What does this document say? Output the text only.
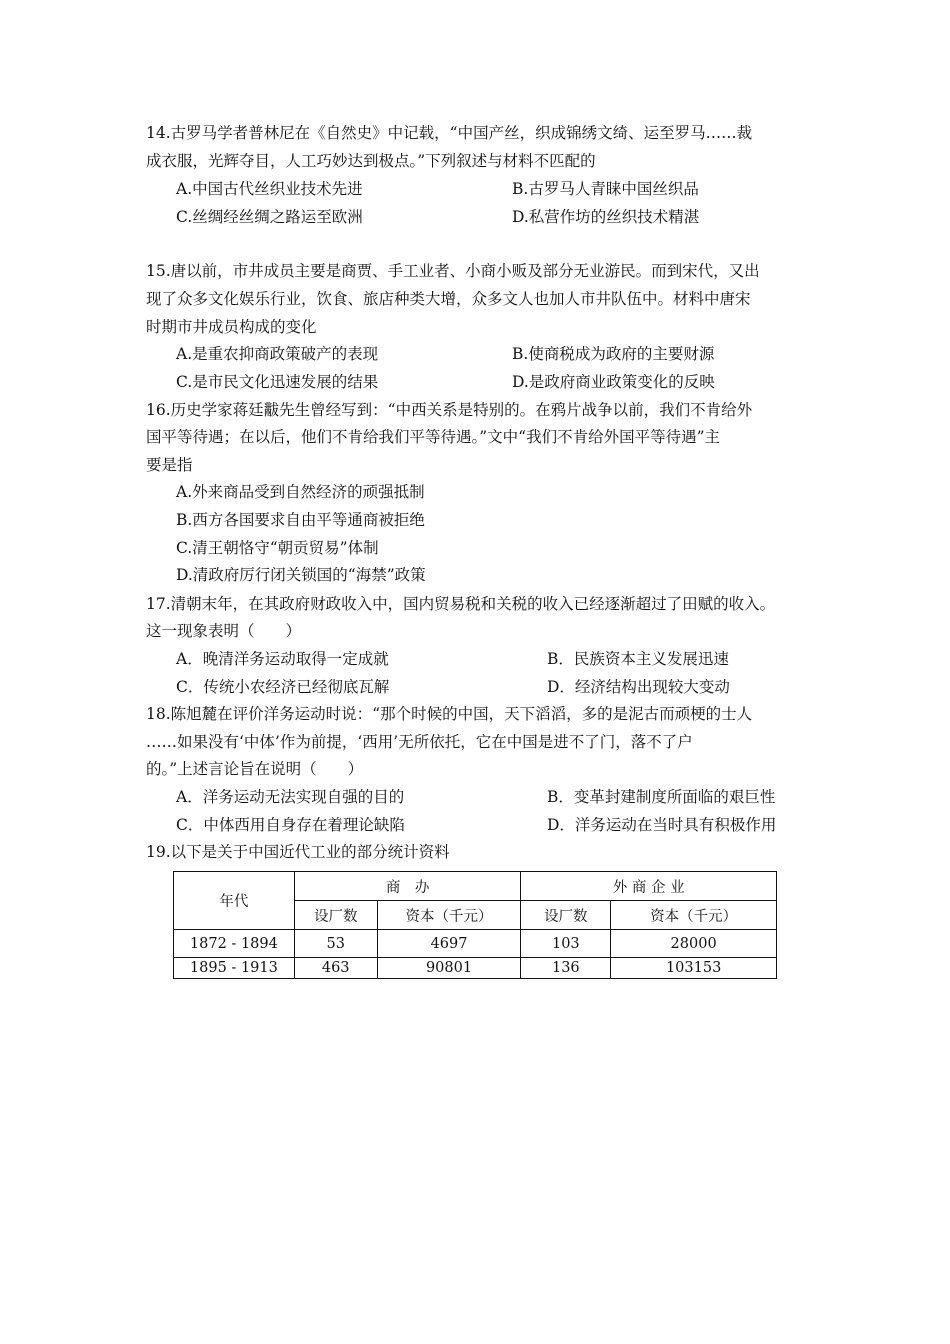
14.古罗马学者普林尼在《自然史》中记载，“中国产丝，织成锦绣文绮、运至罗马……裁
成衣服，光辉夺目，人工巧妙达到极点。”下列叙述与材料不匹配的
A.中国古代丝织业技术先进	B.古罗马人青睐中国丝织品
C.丝绸经丝绸之路运至欧洲	D.私营作坊的丝织技术精湛
15.唐以前，市井成员主要是商贾、手工业者、小商小贩及部分无业游民。而到宋代，又出
现了众多文化娱乐行业，饮食、旅店种类大增，众多文人也加人市井队伍中。材料中唐宋
时期市井成员构成的变化
A.是重农抑商政策破产的表现	B.使商税成为政府的主要财源
C.是市民文化迅速发展的结果	D.是政府商业政策变化的反映
16.历史学家蒋廷黻先生曾经写到：“中西关系是特别的。在鸦片战争以前，我们不肯给外
国平等待遇；在以后，他们不肯给我们平等待遇。”文中“我们不肯给外国平等待遇”主
要是指
A.外来商品受到自然经济的顽强抵制
B.西方各国要求自由平等通商被拒绝
C.清王朝恪守“朝贡贸易”体制
D.清政府厉行闭关锁国的“海禁”政策
17.清朝末年，在其政府财政收入中，国内贸易税和关税的收入已经逐渐超过了田赋的收入。
这一现象表明（　　）
A．晚清洋务运动取得一定成就	B．民族资本主义发展迅速
C．传统小农经济已经彻底瓦解	D．经济结构出现较大变动
18.陈旭麓在评价洋务运动时说：“那个时候的中国，天下滔滔，多的是泥古而顽梗的士人
……如果没有‘中体’作为前提，‘西用’无所依托，它在中国是进不了门，落不了户
的。”上述言论旨在说明（　　）
A．洋务运动无法实现自强的目的	B．变革封建制度所面临的艰巨性
C．中体西用自身存在着理论缺陷	D．洋务运动在当时具有积极作用
19.以下是关于中国近代工业的部分统计资料
年代	商　办		外 商 企 业	
	设厂数	资本（千元）	设厂数	资本（千元）
1872 - 1894	53	4697	103	28000
1895 - 1913	463	90801	136	103153
